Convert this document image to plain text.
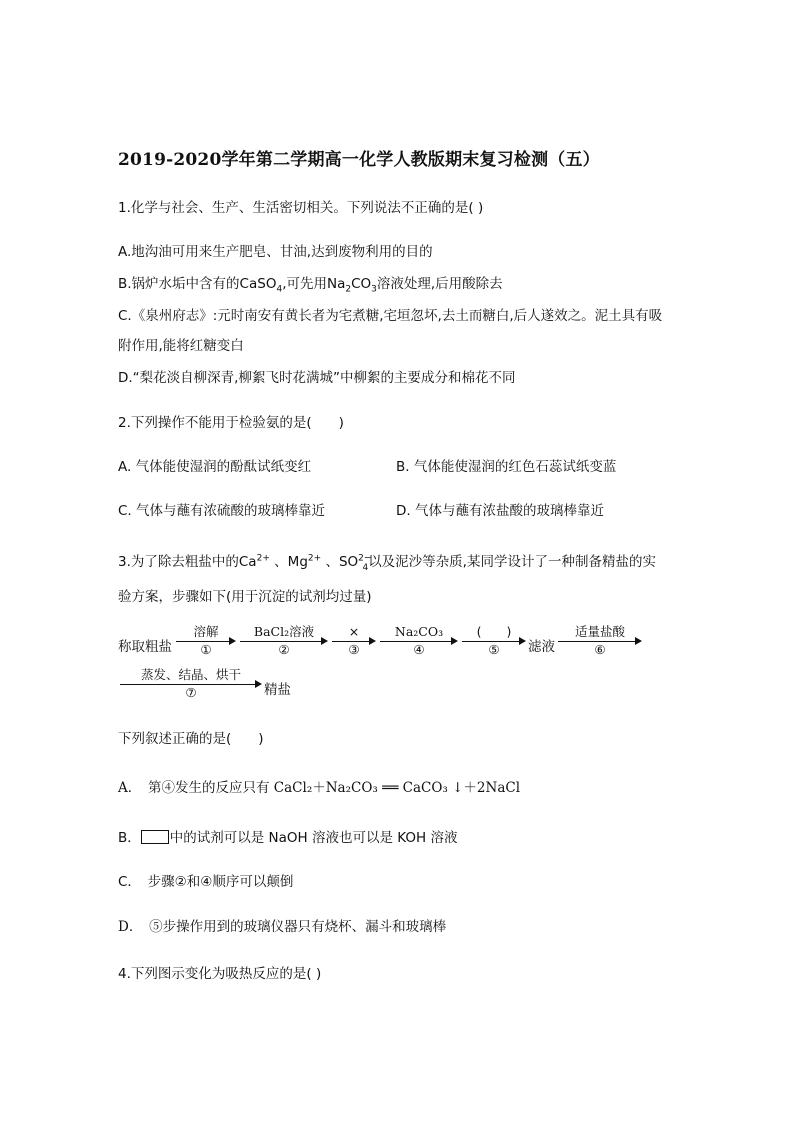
2019-2020学年第二学期高一化学人教版期末复习检测（五）
1.化学与社会、生产、生活密切相关。下列说法不正确的是( )
A.地沟油可用来生产肥皂、甘油,达到废物利用的目的
B.锅炉水垢中含有的CaSO$_4$,可先用$Na_2CO_3$溶液处理,后用酸除去
C.《泉州府志》:元时南安有黄长者为宅煮糖,宅垣忽坏,去土而糖白,后人遂效之。泥土具有吸
附作用,能将红糖变白
D.“梨花淡自柳深青,柳絮飞时花满城”中柳絮的主要成分和棉花不同
2.下列操作不能用于检验氨的是(　　)
A. 气体能使湿润的酚酞试纸变红	B. 气体能使湿润的红色石蕊试纸变蓝
C. 气体与蘸有浓硫酸的玻璃棒靠近	D. 气体与蘸有浓盐酸的玻璃棒靠近
3.为了除去粗盐中的$Ca^{2+}$ 、$Mg^{2+}$ 、$SO^{2-}_4$以及泥沙等杂质,某同学设计了一种制备精盐的实
验方案，步骤如下(用于沉淀的试剂均过量)
称取粗盐
溶解
①
BaCl₂溶液
②
×
③
Na₂CO₃
④
(　　)
⑤	滤液
适量盐酸
⑥
蒸发、结晶、烘干
⑦	精盐
下列叙述正确的是(　　)
A．　第④发生的反应只有 CaCl₂＋Na₂CO₃ ══ CaCO₃ ↓＋2NaCl
B． 中的试剂可以是 NaOH 溶液也可以是 KOH 溶液
C．　步骤②和④顺序可以颠倒
D．　⑤步操作用到的玻璃仪器只有烧杯、漏斗和玻璃棒
4.下列图示变化为吸热反应的是( )
